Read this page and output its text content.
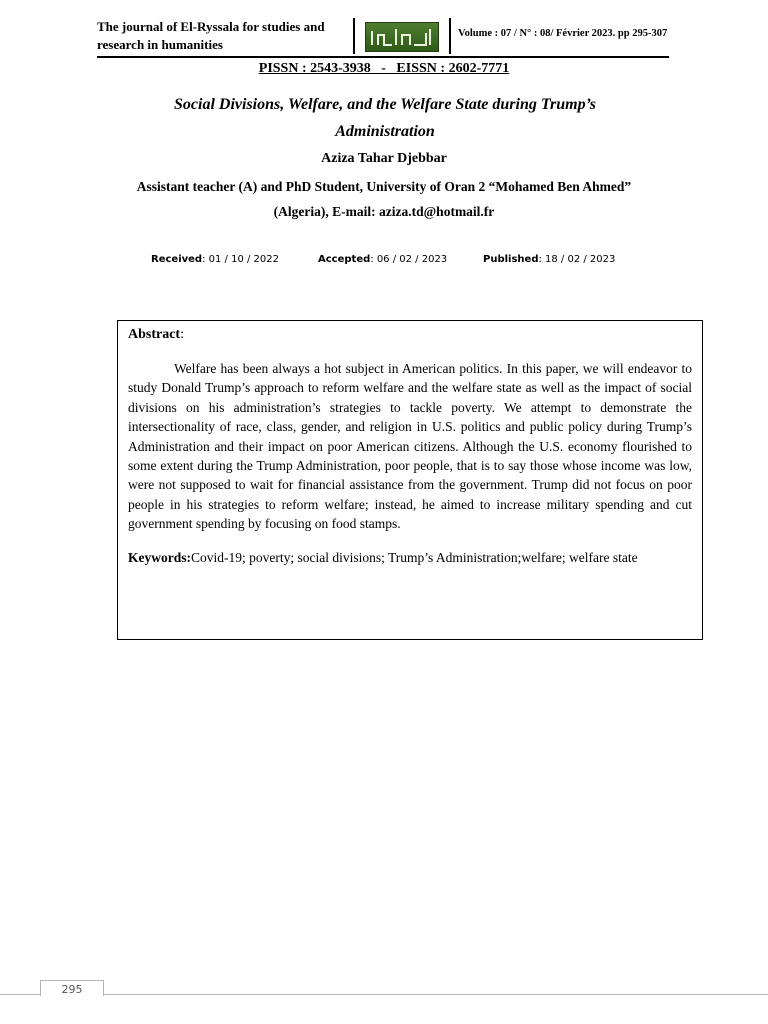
The journal of El-Ryssala for studies and research in humanities
Volume : 07 / N° : 08/ Février 2023. pp 295-307
PISSN : 2543-3938   -   EISSN : 2602-7771
Social Divisions, Welfare, and the Welfare State during Trump’s Administration
Aziza Tahar Djebbar
Assistant teacher (A) and PhD Student, University of Oran 2 “Mohamed Ben Ahmed” (Algeria), E-mail: aziza.td@hotmail.fr
Received: 01 / 10 / 2022	Accepted: 06 / 02 / 2023	Published: 18 / 02 / 2023
Abstract:
Welfare has been always a hot subject in American politics. In this paper, we will endeavor to study Donald Trump’s approach to reform welfare and the welfare state as well as the impact of social divisions on his administration’s strategies to tackle poverty. We attempt to demonstrate the intersectionality of race, class, gender, and religion in U.S. politics and public policy during Trump’s Administration and their impact on poor American citizens. Although the U.S. economy flourished to some extent during the Trump Administration, poor people, that is to say those whose income was low, were not supposed to wait for financial assistance from the government. Trump did not focus on poor people in his strategies to reform welfare; instead, he aimed to increase military spending and cut government spending by focusing on food stamps.
Keywords:Covid-19; poverty; social divisions; Trump’s Administration;welfare; welfare state
295
